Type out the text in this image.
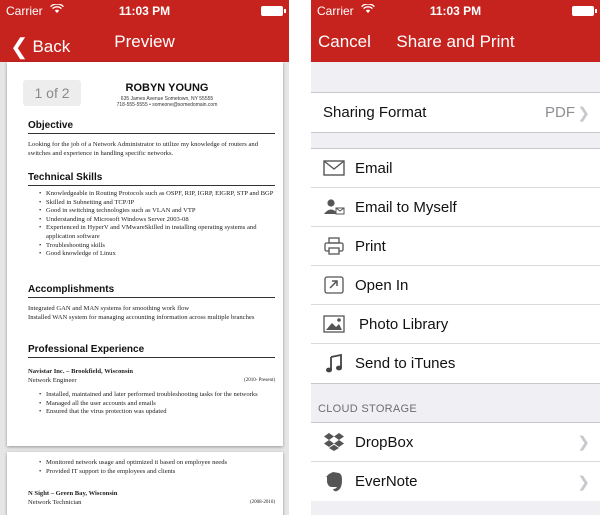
Carrier	11:03 PM
❮ Back	Preview
1 of 2	ROBYN YOUNG
635 James Avenue Sometown, NY 55555
718-555-5555 • someone@somedomain.com
Objective
Looking for the job of a Network Administrator to utilize my knowledge of routers and switches and experience in handling specific networks.
Technical Skills
• Knowledgeable in Routing Protocols such as OSPF, RIP, IGRP, EIGRP, STP and BGP
• Skilled in Subnetting and TCP/IP
• Good in switching technologies such as VLAN and VTP
• Understanding of Microsoft Windows Server 2003-08
• Experienced in HyperV and VMwareSkilled in installing operating systems and application software
• Troubleshooting skills
• Good knowledge of Linux
Accomplishments
Integrated GAN and MAN systems for smoothing work flow
Installed WAN system for managing accounting information across multiple branches
Professional Experience
Navistar Inc. – Brookfield, Wisconsin
Network Engineer	(2010- Present)
• Installed, maintained and later performed troubleshooting tasks for the networks
• Managed all the user accounts and emails
• Ensured that the virus protection was updated
• Monitored network usage and optimized it based on employee needs
• Provided IT support to the employees and clients
N Sight – Green Bay, Wisconsin
Network Technician	(2008-2010)
Carrier	11:03 PM
Cancel	Share and Print
Sharing Format	PDF ❯
Email
Email to Myself
Print
Open In
Photo Library
Send to iTunes
CLOUD STORAGE
DropBox	❯
EverNote	❯
